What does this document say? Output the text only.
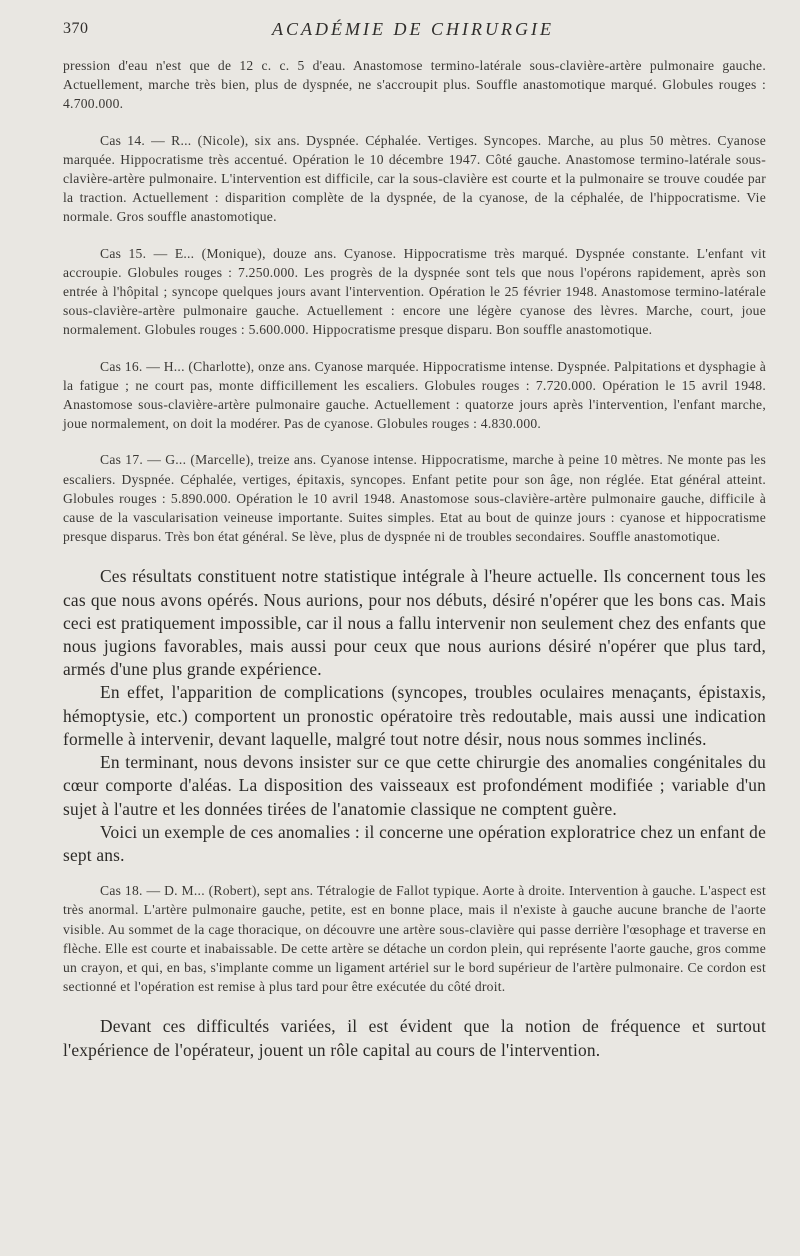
370	ACADÉMIE DE CHIRURGIE

pression d'eau n'est que de 12 c. c. 5 d'eau. Anastomose termino-latérale sous-clavière-artère pulmonaire gauche. Actuellement, marche très bien, plus de dyspnée, ne s'accroupit plus. Souffle anastomotique marqué. Globules rouges : 4.700.000.

Cas 14. — R... (Nicole), six ans. Dyspnée. Céphalée. Vertiges. Syncopes. Marche, au plus 50 mètres. Cyanose marquée. Hippocratisme très accentué. Opération le 10 décembre 1947. Côté gauche. Anastomose termino-latérale sous-clavière-artère pulmonaire. L'intervention est difficile, car la sous-clavière est courte et la pulmonaire se trouve coudée par la traction. Actuellement : disparition complète de la dyspnée, de la cyanose, de la céphalée, de l'hippocratisme. Vie normale. Gros souffle anastomotique.

Cas 15. — E... (Monique), douze ans. Cyanose. Hippocratisme très marqué. Dyspnée constante. L'enfant vit accroupie. Globules rouges : 7.250.000. Les progrès de la dyspnée sont tels que nous l'opérons rapidement, après son entrée à l'hôpital ; syncope quelques jours avant l'intervention. Opération le 25 février 1948. Anastomose termino-latérale sous-clavière-artère pulmonaire gauche. Actuellement : encore une légère cyanose des lèvres. Marche, court, joue normalement. Globules rouges : 5.600.000. Hippocratisme presque disparu. Bon souffle anastomotique.

Cas 16. — H... (Charlotte), onze ans. Cyanose marquée. Hippocratisme intense. Dyspnée. Palpitations et dysphagie à la fatigue ; ne court pas, monte difficillement les escaliers. Globules rouges : 7.720.000. Opération le 15 avril 1948. Anastomose sous-clavière-artère pulmonaire gauche. Actuellement : quatorze jours après l'intervention, l'enfant marche, joue normalement, on doit la modérer. Pas de cyanose. Globules rouges : 4.830.000.

Cas 17. — G... (Marcelle), treize ans. Cyanose intense. Hippocratisme, marche à peine 10 mètres. Ne monte pas les escaliers. Dyspnée. Céphalée, vertiges, épitaxis, syncopes. Enfant petite pour son âge, non réglée. Etat général atteint. Globules rouges : 5.890.000. Opération le 10 avril 1948. Anastomose sous-clavière-artère pulmonaire gauche, difficile à cause de la vascularisation veineuse importante. Suites simples. Etat au bout de quinze jours : cyanose et hippocratisme presque disparus. Très bon état général. Se lève, plus de dyspnée ni de troubles secondaires. Souffle anastomotique.

Ces résultats constituent notre statistique intégrale à l'heure actuelle. Ils concernent tous les cas que nous avons opérés. Nous aurions, pour nos débuts, désiré n'opérer que les bons cas. Mais ceci est pratiquement impossible, car il nous a fallu intervenir non seulement chez des enfants que nous jugions favorables, mais aussi pour ceux que nous aurions désiré n'opérer que plus tard, armés d'une plus grande expérience.

En effet, l'apparition de complications (syncopes, troubles oculaires menaçants, épistaxis, hémoptysie, etc.) comportent un pronostic opératoire très redoutable, mais aussi une indication formelle à intervenir, devant laquelle, malgré tout notre désir, nous nous sommes inclinés.

En terminant, nous devons insister sur ce que cette chirurgie des anomalies congénitales du cœur comporte d'aléas. La disposition des vaisseaux est profondément modifiée ; variable d'un sujet à l'autre et les données tirées de l'anatomie classique ne comptent guère.

Voici un exemple de ces anomalies : il concerne une opération exploratrice chez un enfant de sept ans.

Cas 18. — D. M... (Robert), sept ans. Tétralogie de Fallot typique. Aorte à droite. Intervention à gauche. L'aspect est très anormal. L'artère pulmonaire gauche, petite, est en bonne place, mais il n'existe à gauche aucune branche de l'aorte visible. Au sommet de la cage thoracique, on découvre une artère sous-clavière qui passe derrière l'œsophage et traverse en flèche. Elle est courte et inabaissable. De cette artère se détache un cordon plein, qui représente l'aorte gauche, gros comme un crayon, et qui, en bas, s'implante comme un ligament artériel sur le bord supérieur de l'artère pulmonaire. Ce cordon est sectionné et l'opération est remise à plus tard pour être exécutée du côté droit.

Devant ces difficultés variées, il est évident que la notion de fréquence et surtout l'expérience de l'opérateur, jouent un rôle capital au cours de l'intervention.
